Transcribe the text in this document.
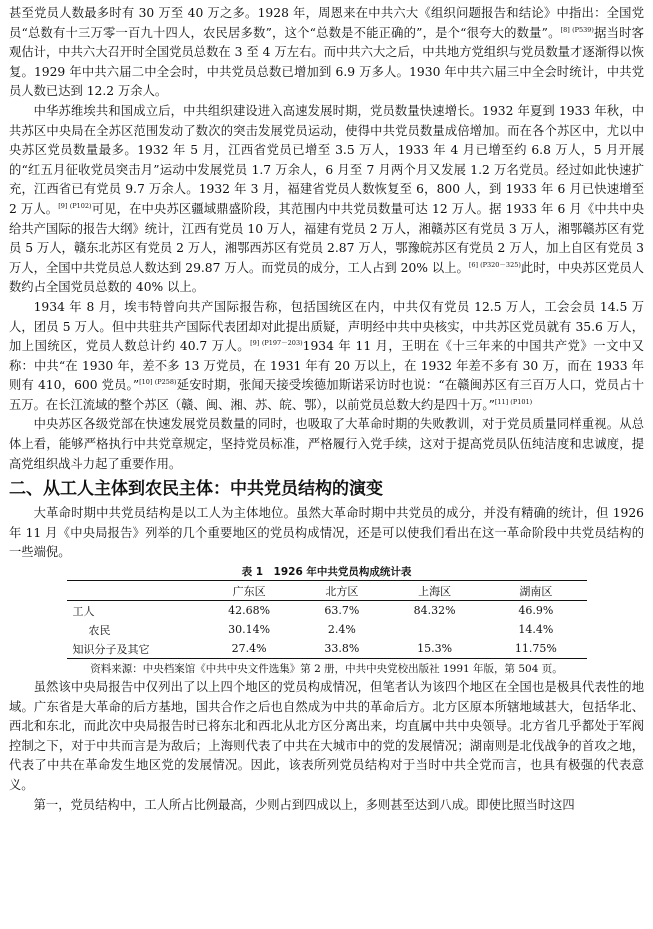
甚至党员人数最多时有 30 万至 40 万之多。1928 年，周恩来在中共六大《组织问题报告和结论》中指出：全国党员“总数有十三万零一百九十四人，农民居多数”，这个“总数是不能正确的”，是个“很夸大的数量”。$^{[8] (P539)}$据当时客观估计，中共六大召开时全国党员总数在 3 至 4 万左右。而中共六大之后，中共地方党组织与党员数量才逐渐得以恢复。1929 年中共六届二中全会时，中共党员总数已增加到 6.9 万多人。1930 年中共六届三中全会时统计，中共党员人数已达到 12.2 万余人。

中华苏维埃共和国成立后，中共组织建设进入高速发展时期，党员数量快速增长。1932 年夏到 1933 年秋，中共苏区中央局在全苏区范围发动了数次的突击发展党员运动，使得中共党员数量成倍增加。而在各个苏区中，尤以中央苏区党员数量最多。1932 年 5 月，江西省党员已增至 3.5 万人，1933 年 4 月已增至约 6.8 万人，5 月开展的“红五月征收党员突击月”运动中发展党员 1.7 万余人，6 月至 7 月两个月又发展 1.2 万名党员。经过如此快速扩充，江西省已有党员 9.7 万余人。1932 年 3 月，福建省党员人数恢复至 6，800 人，到 1933 年 6 月已快速增至 2 万人。$^{[9] (P102)}$可见，在中央苏区疆域鼎盛阶段，其范围内中共党员数量可达 12 万人。据 1933 年 6 月《中共中央给共产国际的报告大纲》统计，江西有党员 10 万人，福建有党员 2 万人，湘赣苏区有党员 3 万人，湘鄂赣苏区有党员 5 万人，赣东北苏区有党员 2 万人，湘鄂西苏区有党员 2.87 万人，鄂豫皖苏区有党员 2 万人，加上自区有党员 3 万人，全国中共党员总人数达到 29.87 万人。而党员的成分，工人占到 20% 以上。$^{[6] (P320-325)}$此时，中央苏区党员人数约占全国党员总数的 40% 以上。

1934 年 8 月，埃韦特曾向共产国际报告称，包括国统区在内，中共仅有党员 12.5 万人，工会会员 14.5 万人，团员 5 万人。但中共驻共产国际代表团却对此提出质疑，声明经中共中央核实，中共苏区党员就有 35.6 万人，加上国统区，党员人数总计约 40.7 万人。$^{[9] (P197-203)}$1934 年 11 月，王明在《十三年来的中国共产党》一文中又称：中共“在 1930 年，差不多 13 万党员，在 1931 年有 20 万以上，在 1932 年差不多有 30 万，而在 1933 年则有 410，600 党员。”$^{[10] (P258)}$延安时期，张闻天接受埃德加斯诺采访时也说：“在赣闽苏区有三百万人口，党员占十五万。在长江流域的整个苏区（赣、闽、湘、苏、皖、鄂），以前党员总数大约是四十万。”$^{[11] (P101)}$

中央苏区各级党部在快速发展党员数量的同时，也吸取了大革命时期的失败教训，对于党员质量同样重视。从总体上看，能够严格执行中共党章规定，坚持党员标准，严格履行入党手续，这对于提高党员队伍纯洁度和忠诚度，提高党组织战斗力起了重要作用。

二、从工人主体到农民主体：中共党员结构的演变

大革命时期中共党员结构是以工人为主体地位。虽然大革命时期中共党员的成分，并没有精确的统计，但 1926 年 11 月《中央局报告》列举的几个重要地区的党员构成情况，还是可以使我们看出在这一革命阶段中共党员结构的一些端倪。

表 1　1926 年中共党员构成统计表
	广东区	北方区	上海区	湖南区
工人	42.68%	63.7%	84.32%	46.9%
农民	30.14%	2.4%		14.4%
知识分子及其它	27.4%	33.8%	15.3%	11.75%
资料来源：中央档案馆《中共中央文件选集》第 2 册，中共中央党校出版社 1991 年版，第 504 页。

虽然该中央局报告中仅列出了以上四个地区的党员构成情况，但笔者认为该四个地区在全国也是极具代表性的地域。广东省是大革命的后方基地，国共合作之后也自然成为中共的革命后方。北方区原本所辖地域甚大，包括华北、西北和东北，而此次中央局报告时已将东北和西北从北方区分离出来，均直属中共中央领导。北方省几乎都处于军阀控制之下，对于中共而言是为敌后；上海则代表了中共在大城市中的党的发展情况；湖南则是北伐战争的首攻之地，代表了中共在革命发生地区党的发展情况。因此，该表所列党员结构对于当时中共全党而言，也具有极强的代表意义。

第一，党员结构中，工人所占比例最高，少则占到四成以上，多则甚至达到八成。即使比照当时这四
